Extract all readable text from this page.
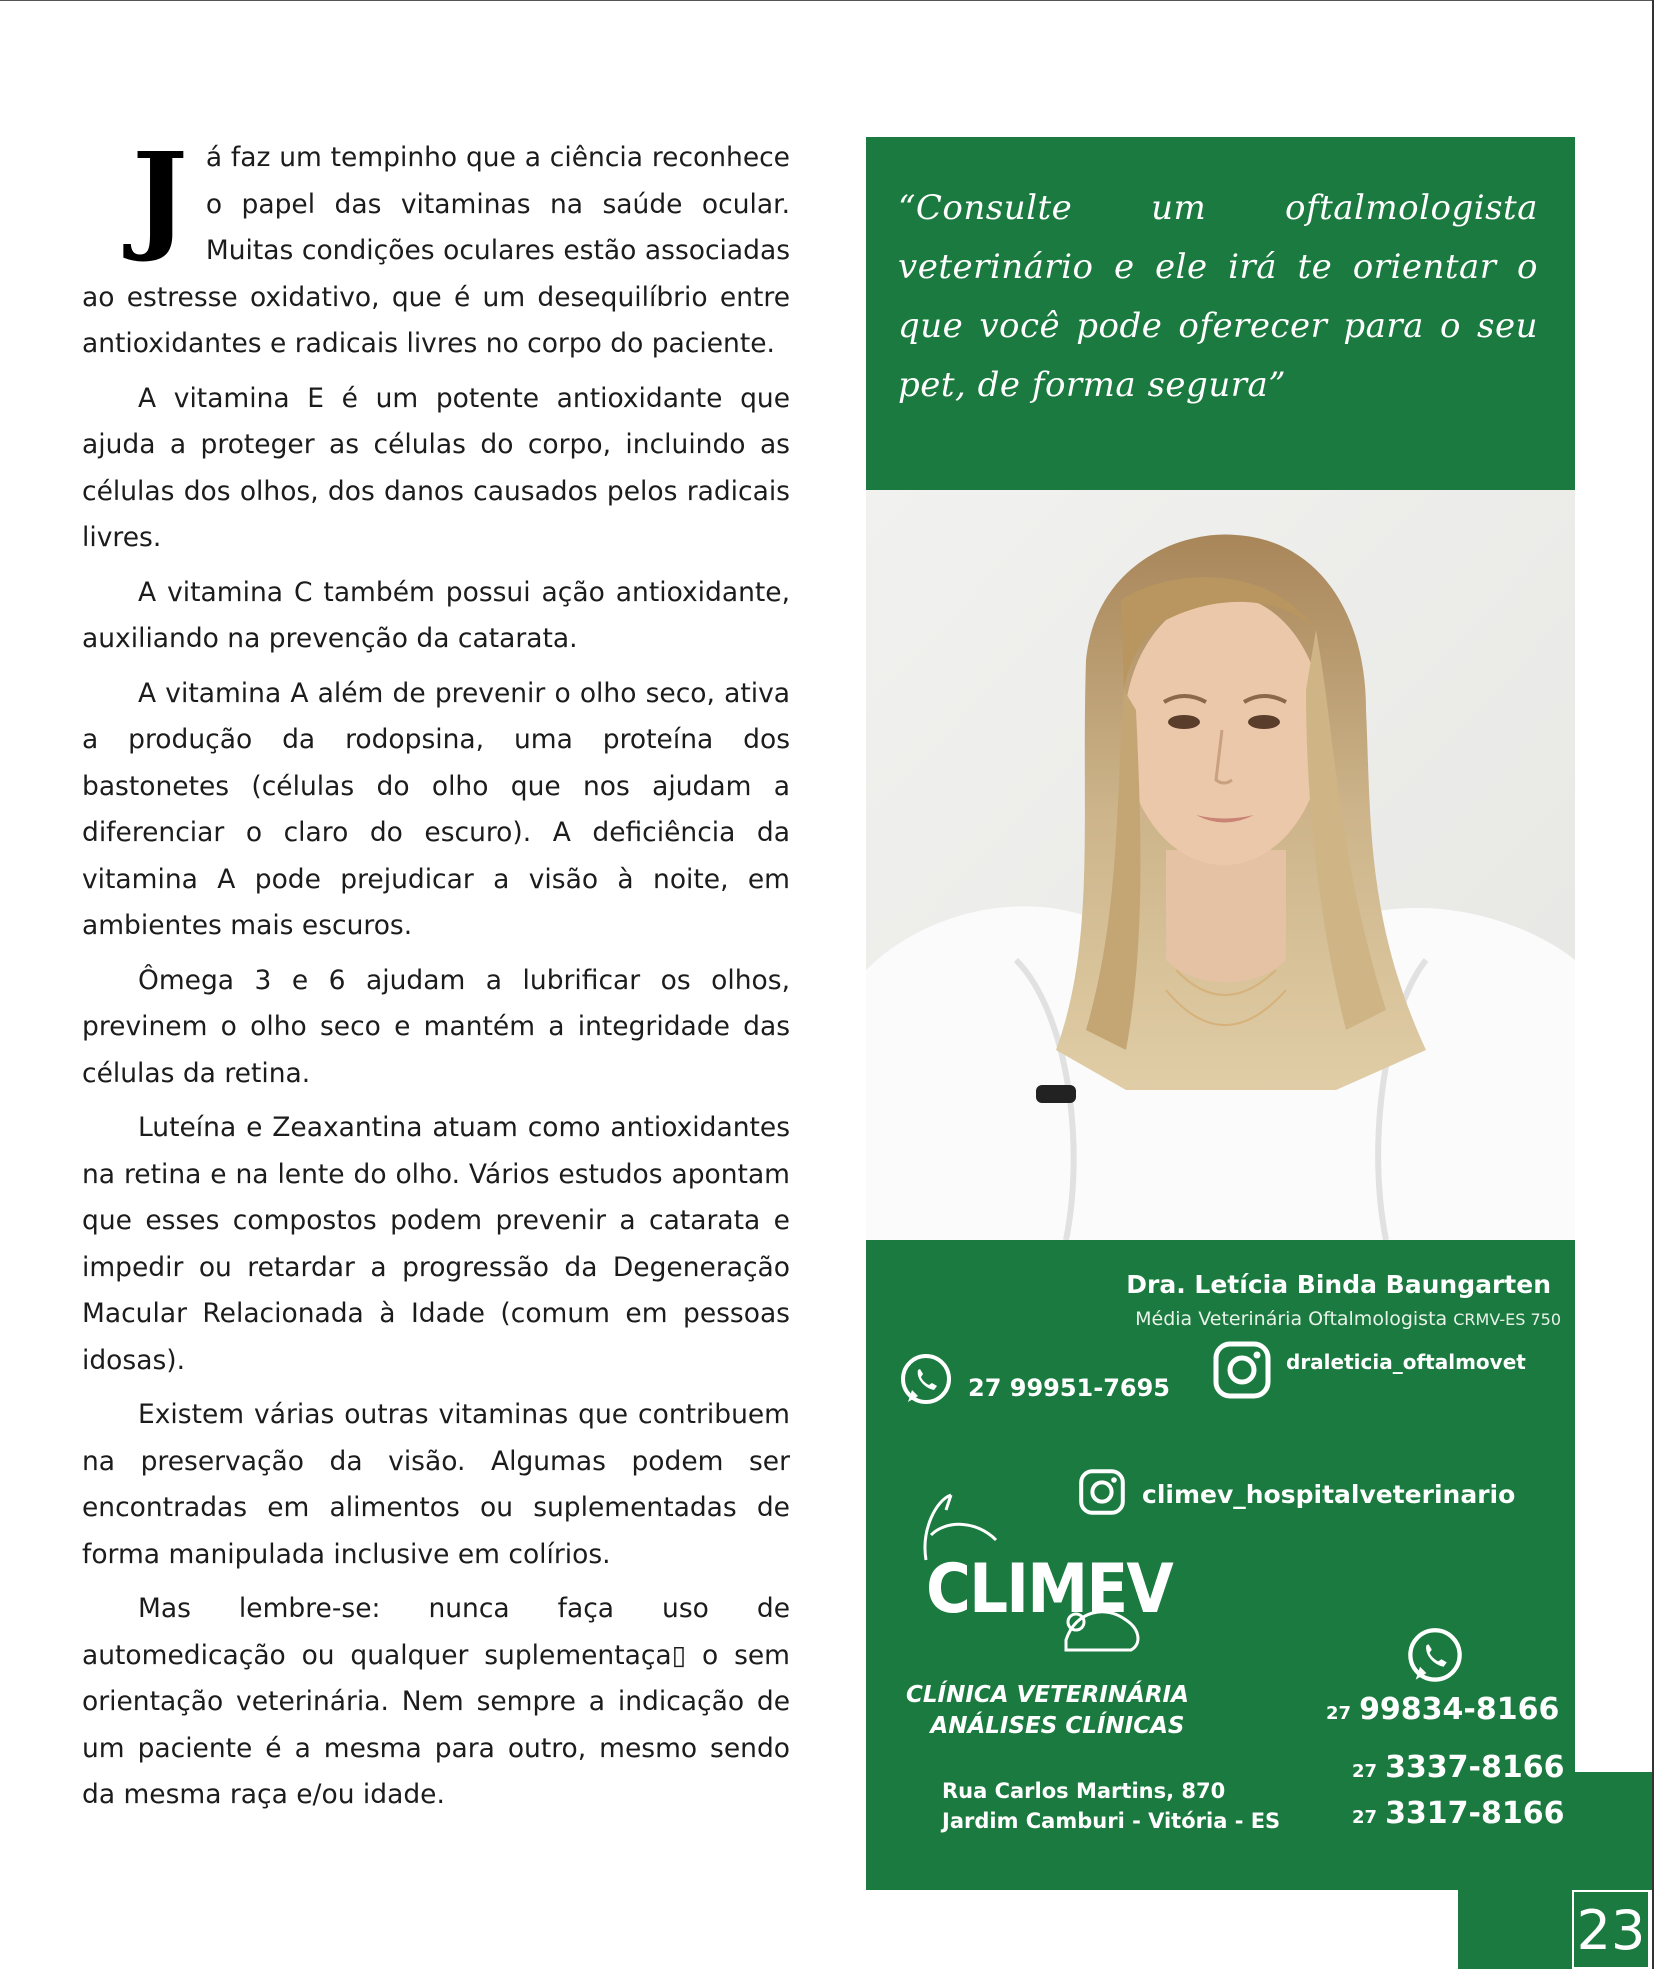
Já faz um tempinho que a ciência reconhece o papel das vitaminas na saúde ocular. Muitas condições oculares estão associadas ao estresse oxidativo, que é um desequilíbrio entre antioxidantes e radicais livres no corpo do paciente.

A vitamina E é um potente antioxidante que ajuda a proteger as células do corpo, incluindo as células dos olhos, dos danos causados pelos radicais livres.

A vitamina C também possui ação antioxidante, auxiliando na prevenção da catarata.

A vitamina A além de prevenir o olho seco, ativa a produção da rodopsina, uma proteína dos bastonetes (células do olho que nos ajudam a diferenciar o claro do escuro). A deficiência da vitamina A pode prejudicar a visão à noite, em ambientes mais escuros.

Ômega 3 e 6 ajudam a lubrificar os olhos, previnem o olho seco e mantém a integridade das células da retina.

Luteína e Zeaxantina atuam como antioxidantes na retina e na lente do olho. Vários estudos apontam que esses compostos podem prevenir a catarata e impedir ou retardar a progressão da Degeneração Macular Relacionada à Idade (comum em pessoas idosas).

Existem várias outras vitaminas que contribuem na preservação da visão. Algumas podem ser encontradas em alimentos ou suplementadas de forma manipulada inclusive em colírios.

Mas lembre-se: nunca faça uso de automedicação ou qualquer suplementaça▯ o sem orientação veterinária. Nem sempre a indicação de um paciente é a mesma para outro, mesmo sendo da mesma raça e/ou idade.

“Consulte um oftalmologista veterinário e ele irá te orientar o que você pode oferecer para o seu pet, de forma segura”
Dra. Letícia Binda Baungarten
Média Veterinária Oftalmologista CRMV-ES 750
27 99951-7695
draleticia_oftalmovet
climev_hospitalveterinario
CLIMEV
CLÍNICA VETERINÁRIA
ANÁLISES CLÍNICAS
Rua Carlos Martins, 870
Jardim Camburi - Vitória - ES
27 99834-8166
27 3337-8166
27 3317-8166
23
